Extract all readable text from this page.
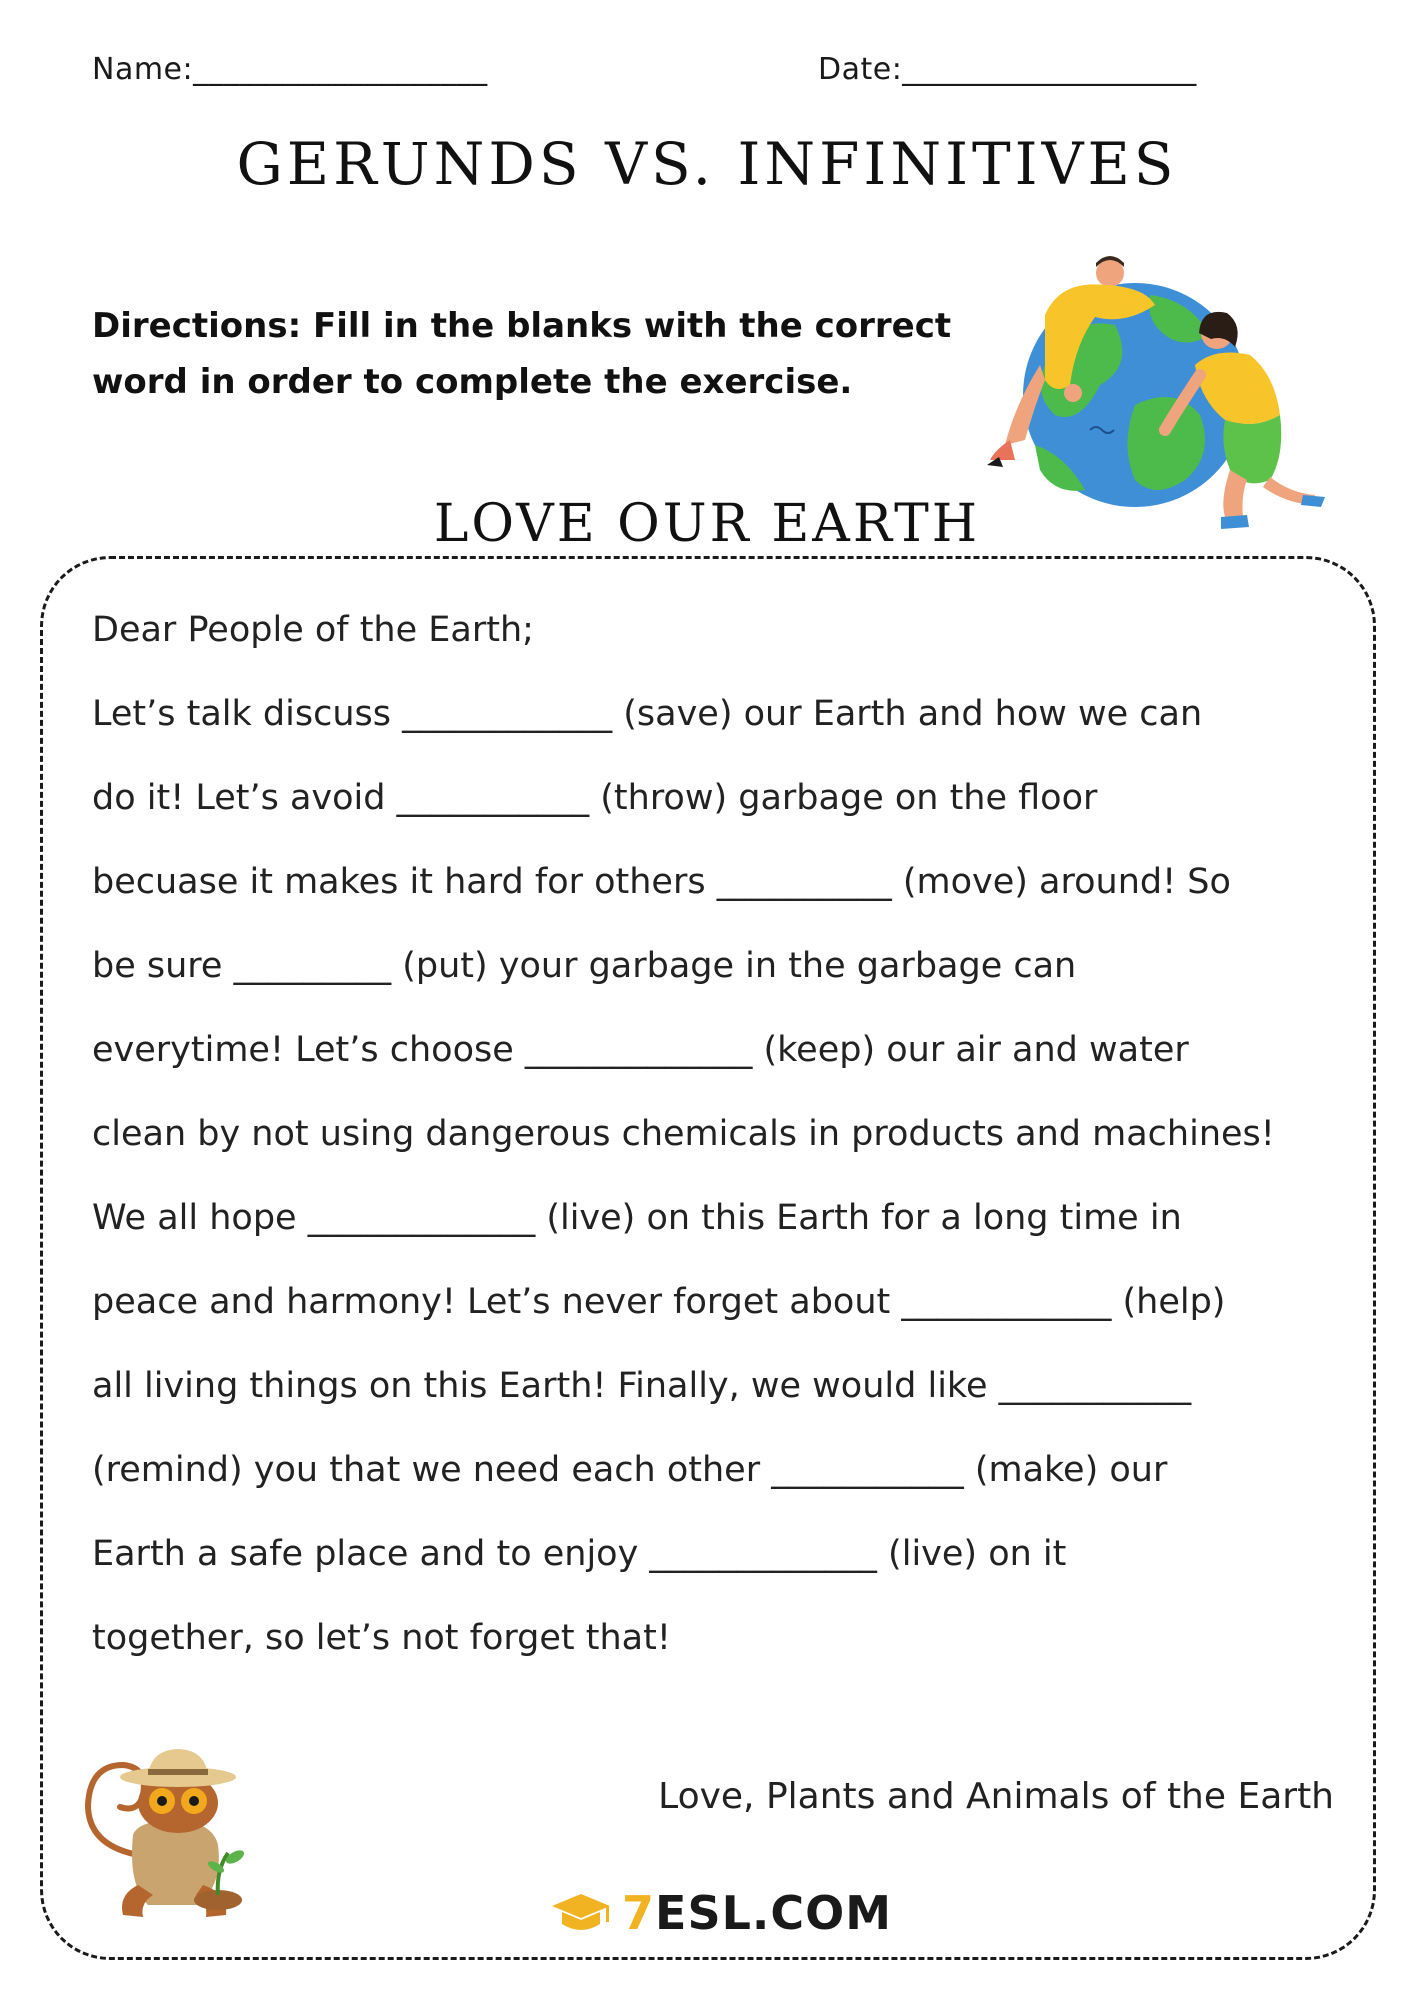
Name:___________________	Date:___________________
GERUNDS VS. INFINITIVES
Directions: Fill in the blanks with the correct word in order to complete the exercise.
LOVE OUR EARTH
Dear People of the Earth;
Let’s talk discuss ____________ (save) our Earth and how we can
do it! Let’s avoid ___________ (throw) garbage on the floor
becuase it makes it hard for others __________ (move) around! So
be sure _________ (put) your garbage in the garbage can
everytime! Let’s choose _____________ (keep) our air and water
clean by not using dangerous chemicals in products and machines!
We all hope _____________ (live) on this Earth for a long time in
peace and harmony! Let’s never forget about ____________ (help)
all living things on this Earth! Finally, we would like ___________
(remind) you that we need each other ___________ (make) our
Earth a safe place and to enjoy _____________ (live) on it
together, so let’s not forget that!
Love, Plants and Animals of the Earth
7ESL.COM
